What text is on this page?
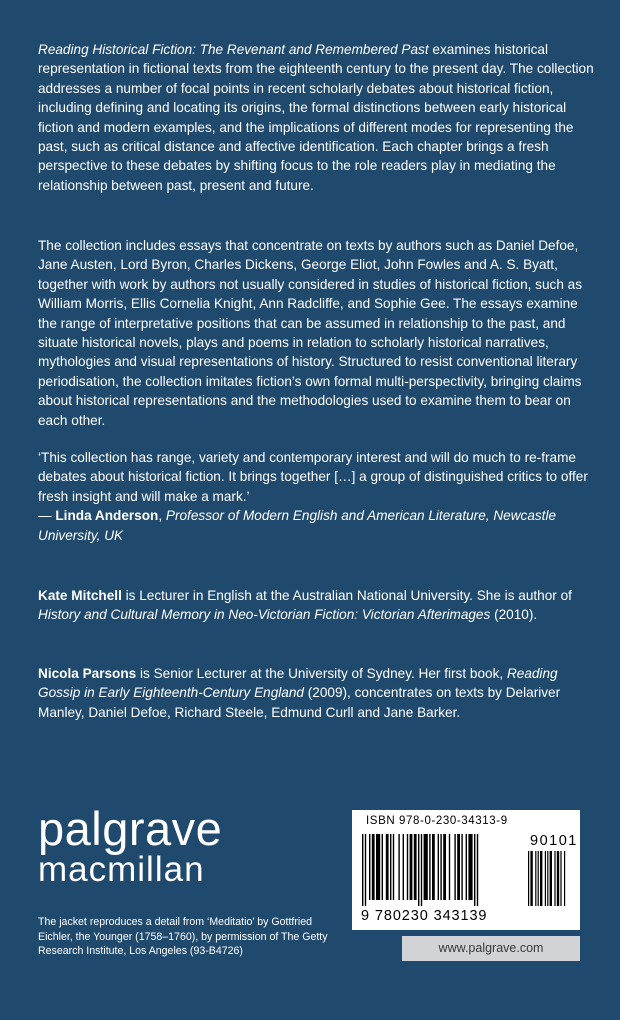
Reading Historical Fiction: The Revenant and Remembered Past examines historical representation in fictional texts from the eighteenth century to the present day. The collection addresses a number of focal points in recent scholarly debates about historical fiction, including defining and locating its origins, the formal distinctions between early historical fiction and modern examples, and the implications of different modes for representing the past, such as critical distance and affective identification. Each chapter brings a fresh perspective to these debates by shifting focus to the role readers play in mediating the relationship between past, present and future.

The collection includes essays that concentrate on texts by authors such as Daniel Defoe, Jane Austen, Lord Byron, Charles Dickens, George Eliot, John Fowles and A. S. Byatt, together with work by authors not usually considered in studies of historical fiction, such as William Morris, Ellis Cornelia Knight, Ann Radcliffe, and Sophie Gee. The essays examine the range of interpretative positions that can be assumed in relationship to the past, and situate historical novels, plays and poems in relation to scholarly historical narratives, mythologies and visual representations of history. Structured to resist conventional literary periodisation, the collection imitates fiction’s own formal multi-perspectivity, bringing claims about historical representations and the methodologies used to examine them to bear on each other.

‘This collection has range, variety and contemporary interest and will do much to re-frame debates about historical fiction. It brings together […] a group of distinguished critics to offer fresh insight and will make a mark.’
— Linda Anderson, Professor of Modern English and American Literature, Newcastle University, UK

Kate Mitchell is Lecturer in English at the Australian National University. She is author of History and Cultural Memory in Neo-Victorian Fiction: Victorian Afterimages (2010).

Nicola Parsons is Senior Lecturer at the University of Sydney. Her first book, Reading Gossip in Early Eighteenth-Century England (2009), concentrates on texts by Delariver Manley, Daniel Defoe, Richard Steele, Edmund Curll and Jane Barker.

palgrave
macmillan

The jacket reproduces a detail from ‘Meditatio’ by Gottfried Eichler, the Younger (1758–1760), by permission of The Getty Research Institute, Los Angeles (93-B4726)

ISBN 978-0-230-34313-9
90101
9 780230 343139
www.palgrave.com
